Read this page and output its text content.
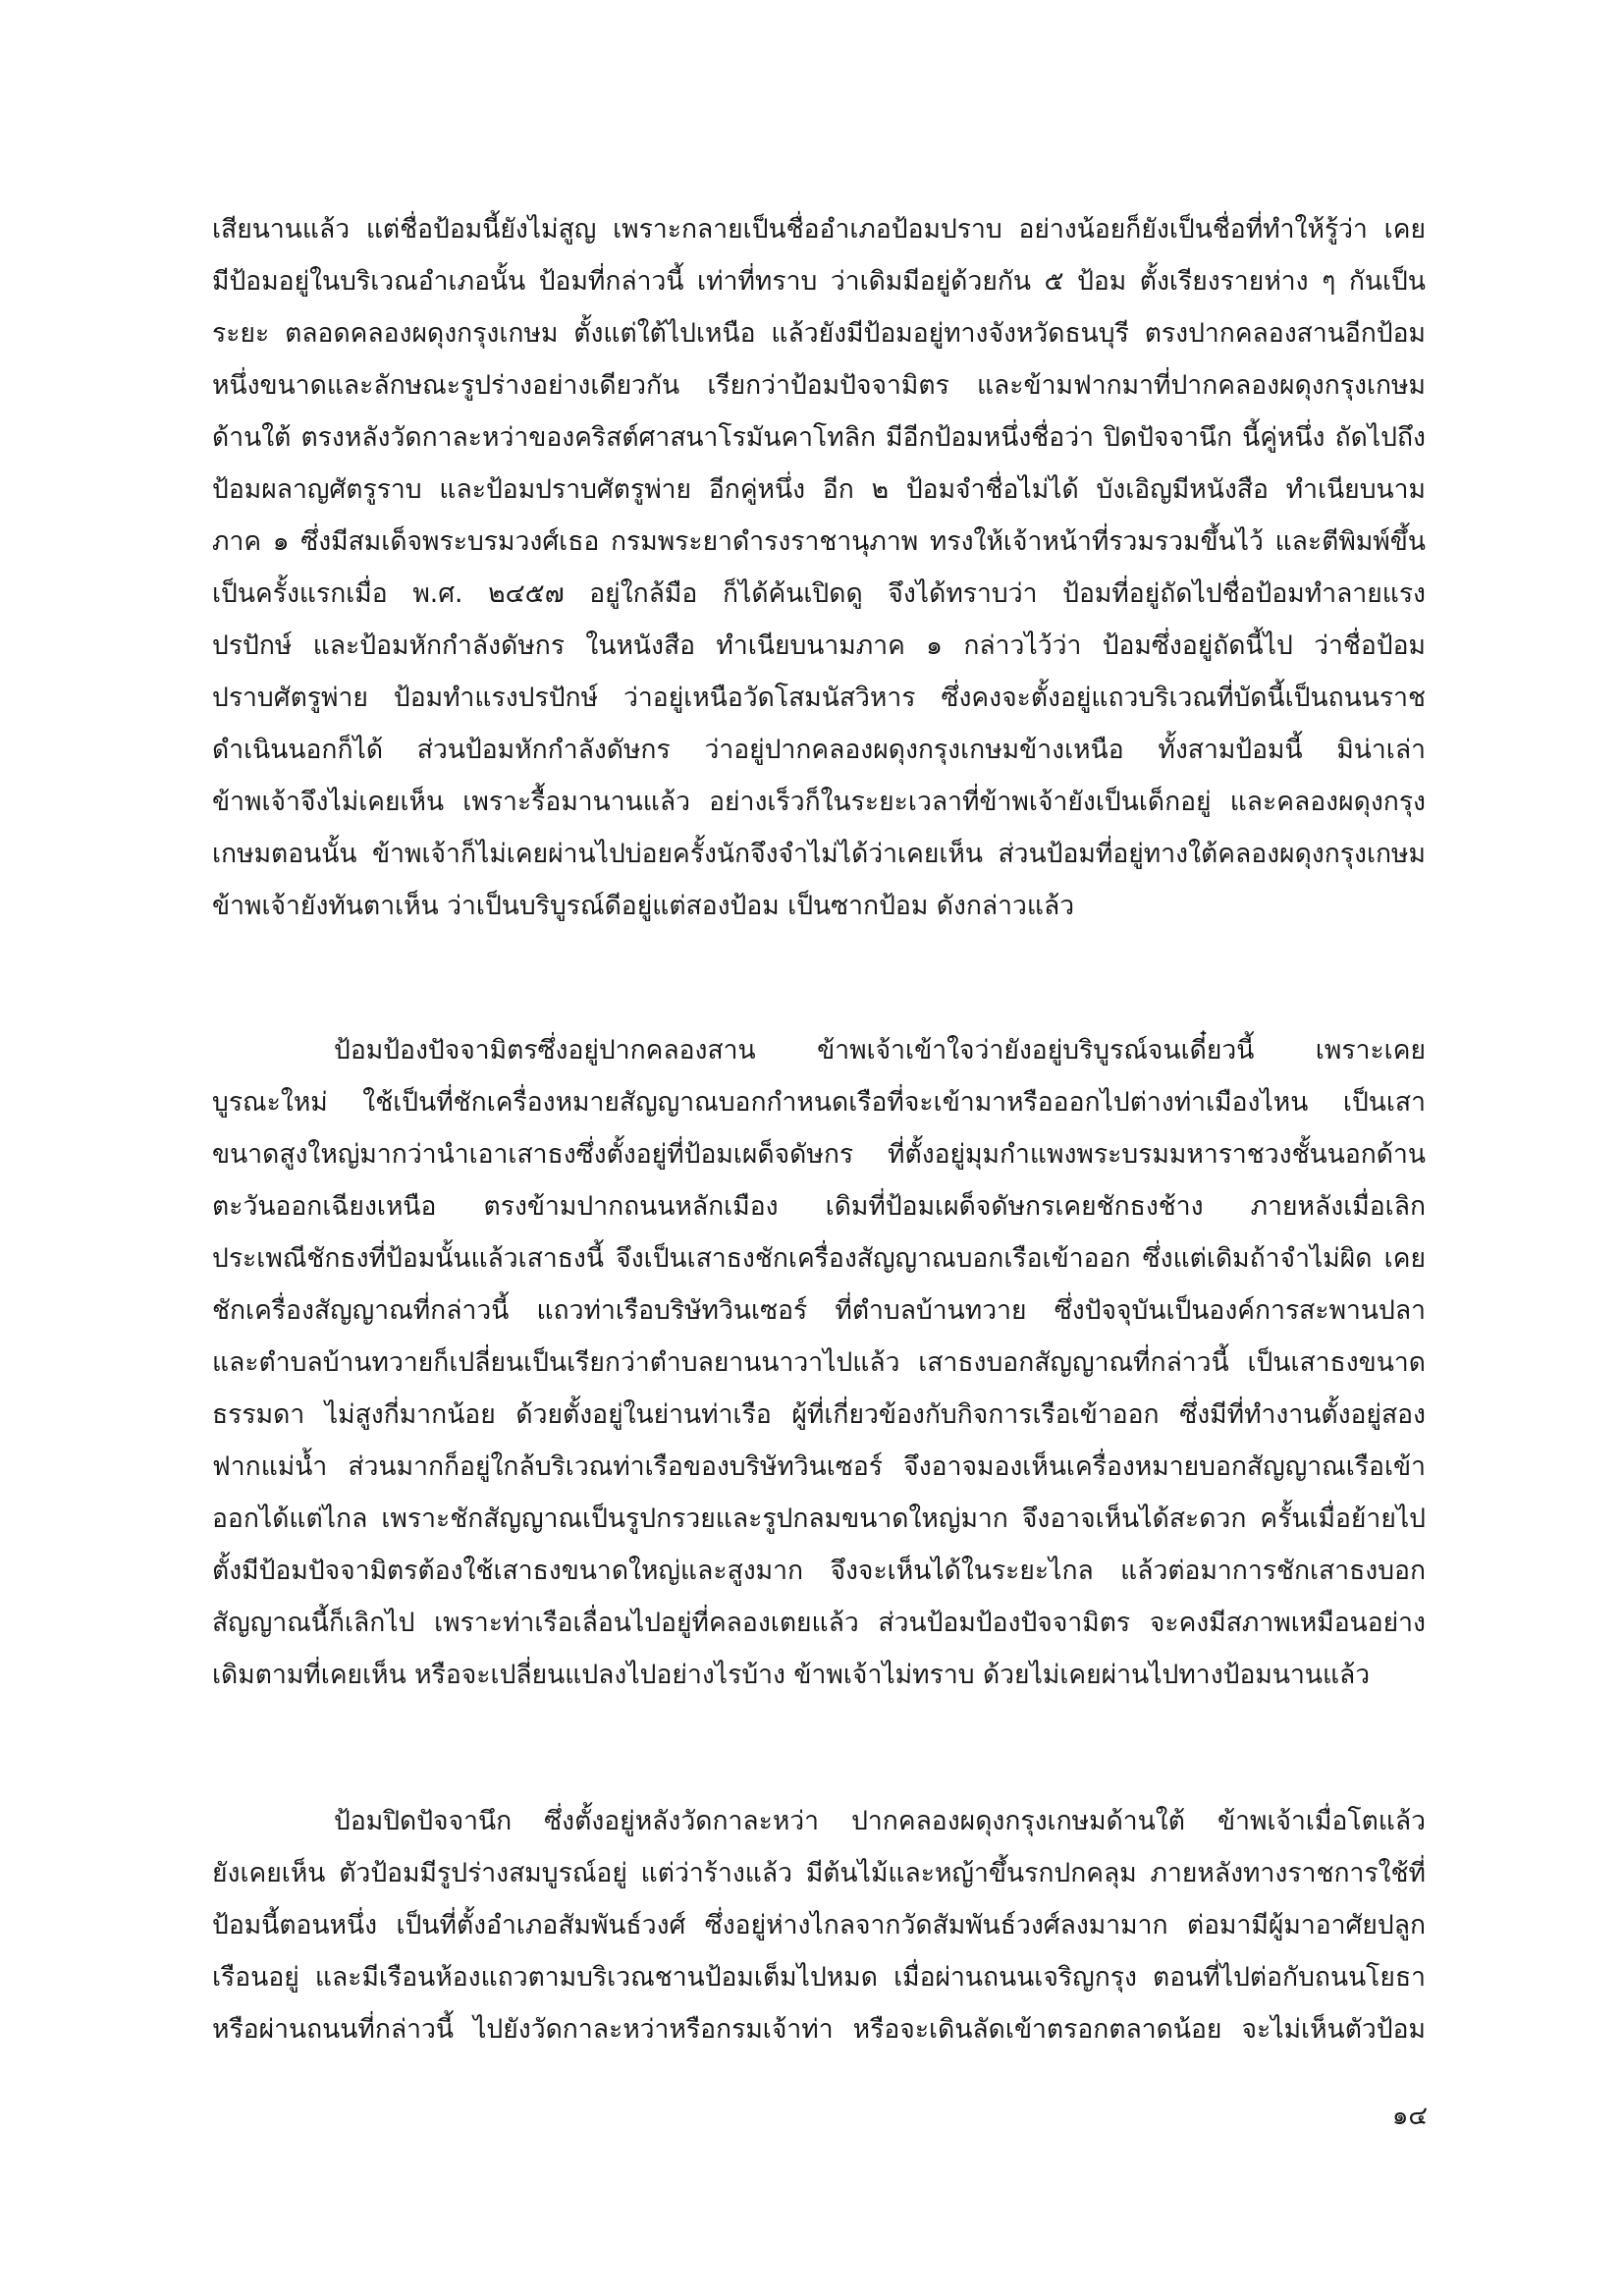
เสียนานแล้ว แต่ชื่อป้อมนี้ยังไม่สูญ เพราะกลายเป็นชื่ออำเภอป้อมปราบ อย่างน้อยก็ยังเป็นชื่อที่ทำให้รู้ว่า เคย
มีป้อมอยู่ในบริเวณอำเภอนั้น ป้อมที่กล่าวนี้ เท่าที่ทราบ ว่าเดิมมีอยู่ด้วยกัน ๕ ป้อม ตั้งเรียงรายห่าง ๆ กันเป็น
ระยะ ตลอดคลองผดุงกรุงเกษม ตั้งแต่ใต้ไปเหนือ แล้วยังมีป้อมอยู่ทางจังหวัดธนบุรี ตรงปากคลองสานอีกป้อม
หนึ่งขนาดและลักษณะรูปร่างอย่างเดียวกัน เรียกว่าป้อมปัจจามิตร และข้ามฟากมาที่ปากคลองผดุงกรุงเกษม
ด้านใต้ ตรงหลังวัดกาละหว่าของคริสต์ศาสนาโรมันคาโทลิก มีอีกป้อมหนึ่งชื่อว่า ปิดปัจจานึก นี้คู่หนึ่ง ถัดไปถึง
ป้อมผลาญศัตรูราบ และป้อมปราบศัตรูพ่าย อีกคู่หนึ่ง อีก ๒ ป้อมจำชื่อไม่ได้ บังเอิญมีหนังสือ ทำเนียบนาม
ภาค ๑ ซึ่งมีสมเด็จพระบรมวงศ์เธอ กรมพระยาดำรงราชานุภาพ ทรงให้เจ้าหน้าที่รวมรวมขึ้นไว้ และตีพิมพ์ขึ้น
เป็นครั้งแรกเมื่อ พ.ศ. ๒๔๕๗ อยู่ใกล้มือ ก็ได้ค้นเปิดดู จึงได้ทราบว่า ป้อมที่อยู่ถัดไปชื่อป้อมทำลายแรง
ปรปักษ์ และป้อมหักกำลังดัษกร ในหนังสือ ทำเนียบนามภาค ๑ กล่าวไว้ว่า ป้อมซึ่งอยู่ถัดนี้ไป ว่าชื่อป้อม
ปราบศัตรูพ่าย ป้อมทำแรงปรปักษ์ ว่าอยู่เหนือวัดโสมนัสวิหาร ซึ่งคงจะตั้งอยู่แถวบริเวณที่บัดนี้เป็นถนนราช
ดำเนินนอกก็ได้ ส่วนป้อมหักกำลังดัษกร ว่าอยู่ปากคลองผดุงกรุงเกษมข้างเหนือ ทั้งสามป้อมนี้ มิน่าเล่า
ข้าพเจ้าจึงไม่เคยเห็น เพราะรื้อมานานแล้ว อย่างเร็วก็ในระยะเวลาที่ข้าพเจ้ายังเป็นเด็กอยู่ และคลองผดุงกรุง
เกษมตอนนั้น ข้าพเจ้าก็ไม่เคยผ่านไปบ่อยครั้งนักจึงจำไม่ได้ว่าเคยเห็น ส่วนป้อมที่อยู่ทางใต้คลองผดุงกรุงเกษม
ข้าพเจ้ายังทันตาเห็น ว่าเป็นบริบูรณ์ดีอยู่แต่สองป้อม เป็นซากป้อม ดังกล่าวแล้ว
ป้อมป้องปัจจามิตรซึ่งอยู่ปากคลองสาน ข้าพเจ้าเข้าใจว่ายังอยู่บริบูรณ์จนเดี๋ยวนี้ เพราะเคย
บูรณะใหม่ ใช้เป็นที่ชักเครื่องหมายสัญญาณบอกกำหนดเรือที่จะเข้ามาหรือออกไปต่างท่าเมืองไหน เป็นเสา
ขนาดสูงใหญ่มากว่านำเอาเสาธงซึ่งตั้งอยู่ที่ป้อมเผด็จดัษกร ที่ตั้งอยู่มุมกำแพงพระบรมมหาราชวงชั้นนอกด้าน
ตะวันออกเฉียงเหนือ ตรงข้ามปากถนนหลักเมือง เดิมที่ป้อมเผด็จดัษกรเคยชักธงช้าง ภายหลังเมื่อเลิก
ประเพณีชักธงที่ป้อมนั้นแล้วเสาธงนี้ จึงเป็นเสาธงชักเครื่องสัญญาณบอกเรือเข้าออก ซึ่งแต่เดิมถ้าจำไม่ผิด เคย
ชักเครื่องสัญญาณที่กล่าวนี้ แถวท่าเรือบริษัทวินเซอร์ ที่ตำบลบ้านทวาย ซึ่งปัจจุบันเป็นองค์การสะพานปลา
และตำบลบ้านทวายก็เปลี่ยนเป็นเรียกว่าตำบลยานนาวาไปแล้ว เสาธงบอกสัญญาณที่กล่าวนี้ เป็นเสาธงขนาด
ธรรมดา ไม่สูงกี่มากน้อย ด้วยตั้งอยู่ในย่านท่าเรือ ผู้ที่เกี่ยวข้องกับกิจการเรือเข้าออก ซึ่งมีที่ทำงานตั้งอยู่สอง
ฟากแม่น้ำ ส่วนมากก็อยู่ใกล้บริเวณท่าเรือของบริษัทวินเซอร์ จึงอาจมองเห็นเครื่องหมายบอกสัญญาณเรือเข้า
ออกได้แต่ไกล เพราะชักสัญญาณเป็นรูปกรวยและรูปกลมขนาดใหญ่มาก จึงอาจเห็นได้สะดวก ครั้นเมื่อย้ายไป
ตั้งมีป้อมปัจจามิตรต้องใช้เสาธงขนาดใหญ่และสูงมาก จึงจะเห็นได้ในระยะไกล แล้วต่อมาการชักเสาธงบอก
สัญญาณนี้ก็เลิกไป เพราะท่าเรือเลื่อนไปอยู่ที่คลองเตยแล้ว ส่วนป้อมป้องปัจจามิตร จะคงมีสภาพเหมือนอย่าง
เดิมตามที่เคยเห็น หรือจะเปลี่ยนแปลงไปอย่างไรบ้าง ข้าพเจ้าไม่ทราบ ด้วยไม่เคยผ่านไปทางป้อมนานแล้ว
ป้อมปิดปัจจานึก ซึ่งตั้งอยู่หลังวัดกาละหว่า ปากคลองผดุงกรุงเกษมด้านใต้ ข้าพเจ้าเมื่อโตแล้ว
ยังเคยเห็น ตัวป้อมมีรูปร่างสมบูรณ์อยู่ แต่ว่าร้างแล้ว มีต้นไม้และหญ้าขึ้นรกปกคลุม ภายหลังทางราชการใช้ที่
ป้อมนี้ตอนหนึ่ง เป็นที่ตั้งอำเภอสัมพันธ์วงศ์ ซึ่งอยู่ห่างไกลจากวัดสัมพันธ์วงศ์ลงมามาก ต่อมามีผู้มาอาศัยปลูก
เรือนอยู่ และมีเรือนห้องแถวตามบริเวณชานป้อมเต็มไปหมด เมื่อผ่านถนนเจริญกรุง ตอนที่ไปต่อกับถนนโยธา
หรือผ่านถนนที่กล่าวนี้ ไปยังวัดกาละหว่าหรือกรมเจ้าท่า หรือจะเดินลัดเข้าตรอกตลาดน้อย จะไม่เห็นตัวป้อม
๑๔
